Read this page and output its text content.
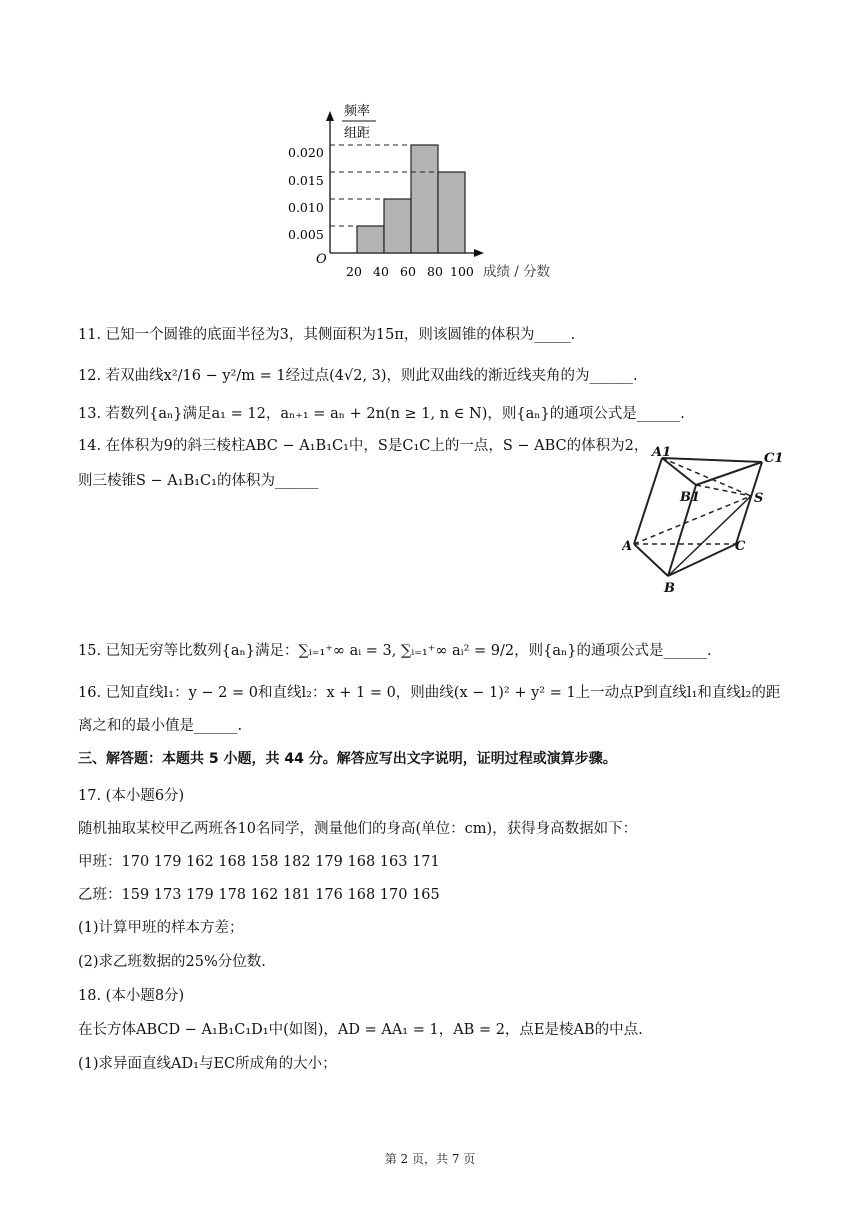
频率
组距
0.020
0.015
0.010
0.005
O
20 40 60 80 100 成绩 / 分数
11. 已知一个圆锥的底面半径为3，其侧面积为15π，则该圆锥的体积为_____.
12. 若双曲线x²/16 − y²/m = 1经过点(4√2, 3)，则此双曲线的渐近线夹角的为______.
13. 若数列{aₙ}满足a₁ = 12，aₙ₊₁ = aₙ + 2n(n ≥ 1, n ∈ N)，则{aₙ}的通项公式是______.
14. 在体积为9的斜三棱柱ABC − A₁B₁C₁中，S是C₁C上的一点，S − ABC的体积为2，
则三棱锥S − A₁B₁C₁的体积为______
A1	C1
B1	S
A	C
B
15. 已知无穷等比数列{aₙ}满足：∑ᵢ₌₁⁺∞ aᵢ = 3, ∑ᵢ₌₁⁺∞ aᵢ² = 9/2，则{aₙ}的通项公式是______.
16. 已知直线l₁：y − 2 = 0和直线l₂：x + 1 = 0，则曲线(x − 1)² + y² = 1上一动点P到直线l₁和直线l₂的距
离之和的最小值是______.
三、解答题：本题共 5 小题，共 44 分。解答应写出文字说明，证明过程或演算步骤。
17. (本小题6分)
随机抽取某校甲乙两班各10名同学，测量他们的身高(单位：cm)，获得身高数据如下：
甲班：170 179 162 168 158 182 179 168 163 171
乙班：159 173 179 178 162 181 176 168 170 165
(1)计算甲班的样本方差；
(2)求乙班数据的25%分位数.
18. (本小题8分)
在长方体ABCD − A₁B₁C₁D₁中(如图)，AD = AA₁ = 1，AB = 2，点E是棱AB的中点.
(1)求异面直线AD₁与EC所成角的大小；
第 2 页，共 7 页
